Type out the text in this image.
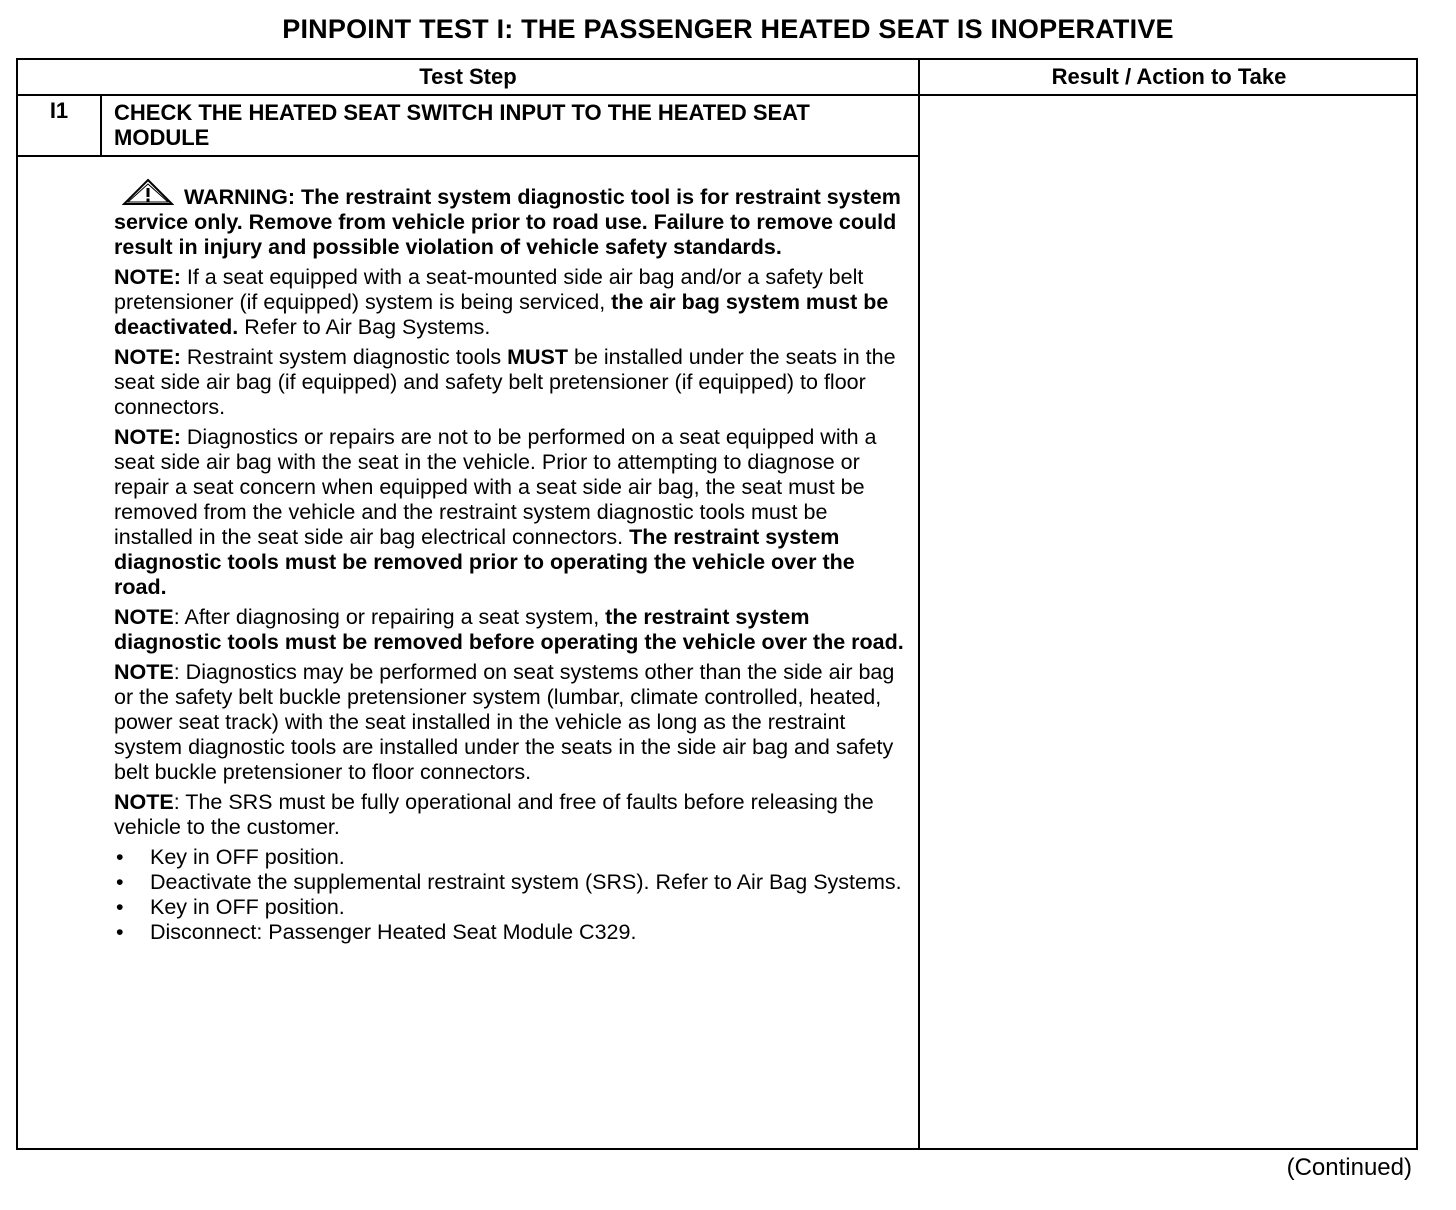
PINPOINT TEST I: THE PASSENGER HEATED SEAT IS INOPERATIVE
Test Step	Result / Action to Take
I1	CHECK THE HEATED SEAT SWITCH INPUT TO THE HEATED SEAT MODULE

WARNING: The restraint system diagnostic tool is for restraint system service only. Remove from vehicle prior to road use. Failure to remove could result in injury and possible violation of vehicle safety standards.

NOTE: If a seat equipped with a seat-mounted side air bag and/or a safety belt pretensioner (if equipped) system is being serviced, the air bag system must be deactivated. Refer to Air Bag Systems.

NOTE: Restraint system diagnostic tools MUST be installed under the seats in the seat side air bag (if equipped) and safety belt pretensioner (if equipped) to floor connectors.

NOTE: Diagnostics or repairs are not to be performed on a seat equipped with a seat side air bag with the seat in the vehicle. Prior to attempting to diagnose or repair a seat concern when equipped with a seat side air bag, the seat must be removed from the vehicle and the restraint system diagnostic tools must be installed in the seat side air bag electrical connectors. The restraint system diagnostic tools must be removed prior to operating the vehicle over the road.

NOTE: After diagnosing or repairing a seat system, the restraint system diagnostic tools must be removed before operating the vehicle over the road.

NOTE: Diagnostics may be performed on seat systems other than the side air bag or the safety belt buckle pretensioner system (lumbar, climate controlled, heated, power seat track) with the seat installed in the vehicle as long as the restraint system diagnostic tools are installed under the seats in the side air bag and safety belt buckle pretensioner to floor connectors.

NOTE: The SRS must be fully operational and free of faults before releasing the vehicle to the customer.

• Key in OFF position.
• Deactivate the supplemental restraint system (SRS). Refer to Air Bag Systems.
• Key in OFF position.
• Disconnect: Passenger Heated Seat Module C329.
(Continued)
